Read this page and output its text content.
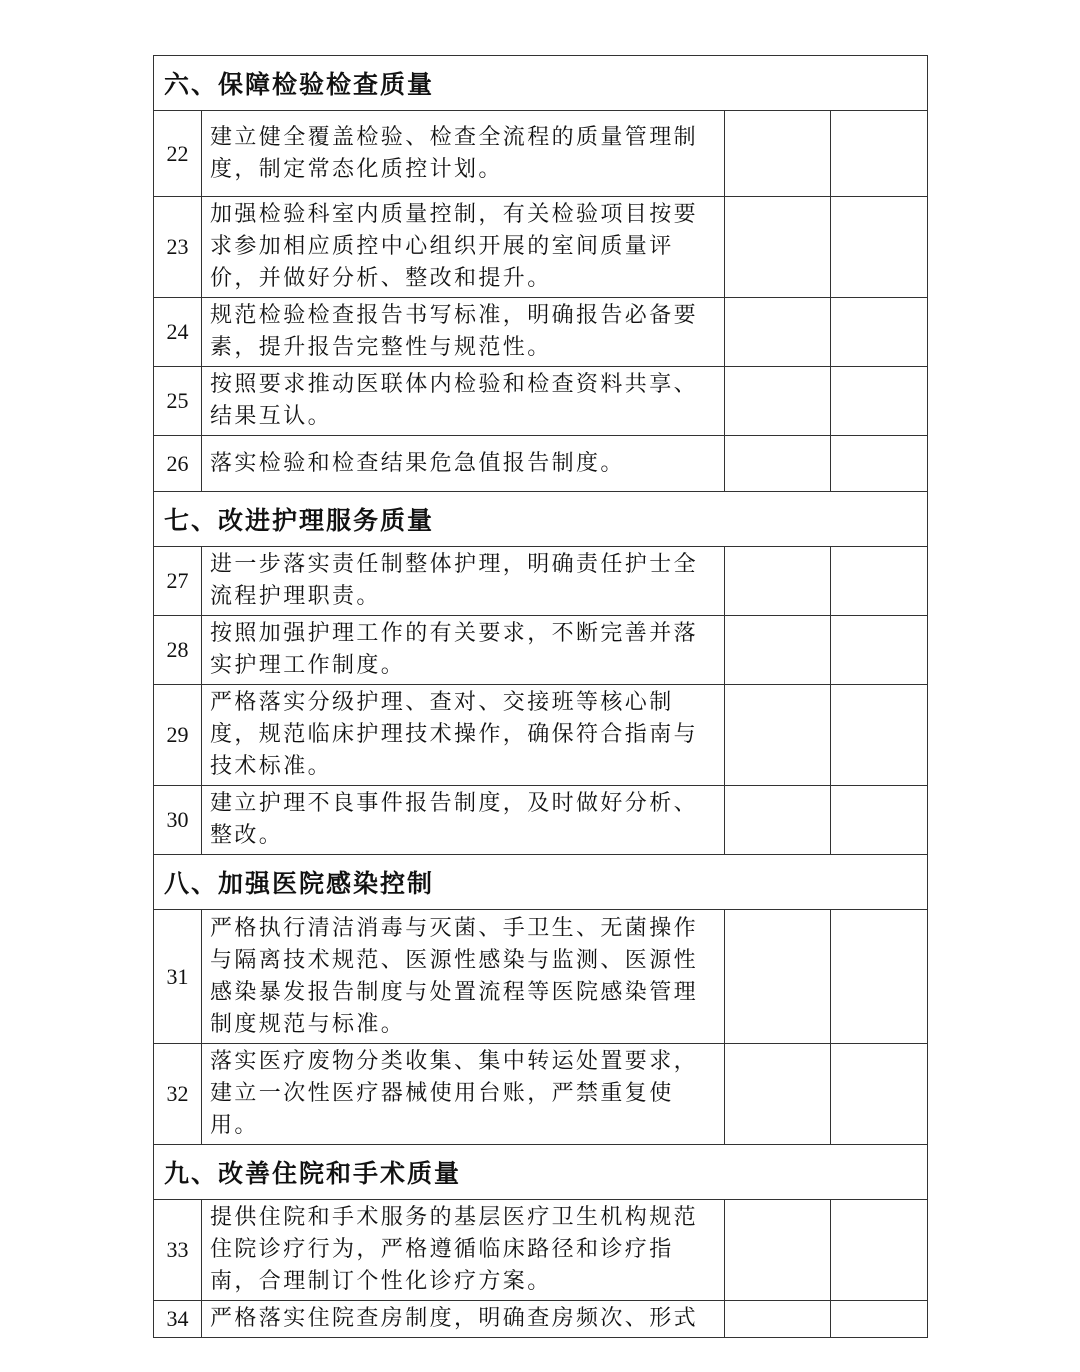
六、保障检验检查质量			
22	建立健全覆盖检验、检查全流程的质量管理制度，制定常态化质控计划。		
23	加强检验科室内质量控制，有关检验项目按要求参加相应质控中心组织开展的室间质量评价，并做好分析、整改和提升。		
24	规范检验检查报告书写标准，明确报告必备要素，提升报告完整性与规范性。		
25	按照要求推动医联体内检验和检查资料共享、结果互认。		
26	落实检验和检查结果危急值报告制度。		
七、改进护理服务质量			
27	进一步落实责任制整体护理，明确责任护士全流程护理职责。		
28	按照加强护理工作的有关要求，不断完善并落实护理工作制度。		
29	严格落实分级护理、查对、交接班等核心制度，规范临床护理技术操作，确保符合指南与技术标准。		
30	建立护理不良事件报告制度，及时做好分析、整改。		
八、加强医院感染控制			
31	严格执行清洁消毒与灭菌、手卫生、无菌操作与隔离技术规范、医源性感染与监测、医源性感染暴发报告制度与处置流程等医院感染管理制度规范与标准。		
32	落实医疗废物分类收集、集中转运处置要求，建立一次性医疗器械使用台账，严禁重复使用。		
九、改善住院和手术质量			
33	提供住院和手术服务的基层医疗卫生机构规范住院诊疗行为，严格遵循临床路径和诊疗指南，合理制订个性化诊疗方案。		
34	严格落实住院查房制度，明确查房频次、形式		
